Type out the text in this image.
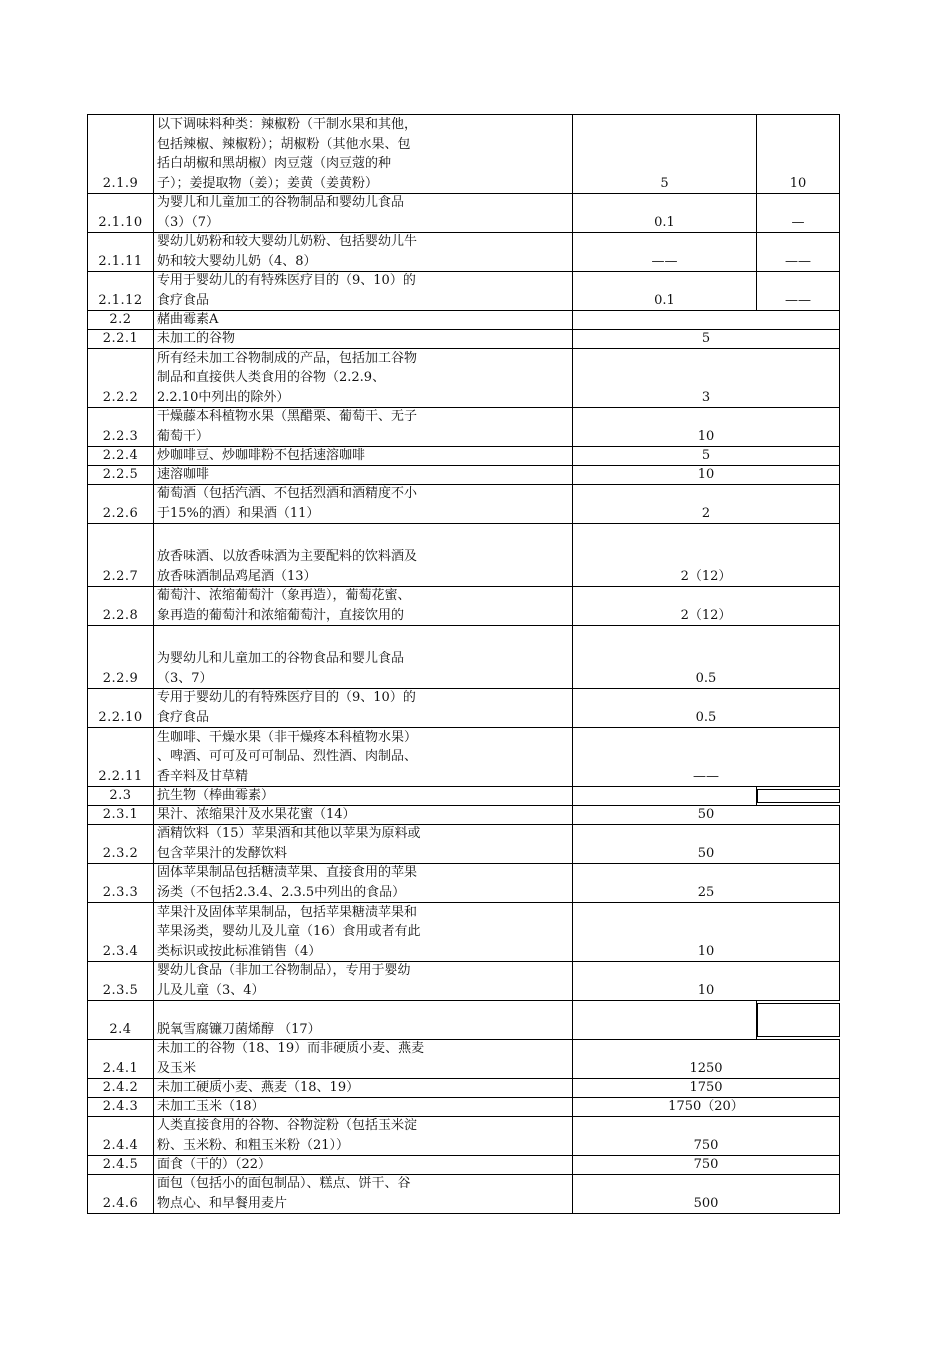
2.1.9
以下调味料种类：辣椒粉（干制水果和其他，
包括辣椒、辣椒粉）；胡椒粉（其他水果、包
括白胡椒和黑胡椒）肉豆蔻（肉豆蔻的种
子）；姜提取物（姜）；姜黄（姜黄粉）	5	10
2.1.10
为婴儿和儿童加工的谷物制品和婴幼儿食品
（3）（7）	0.1	—
2.1.11
婴幼儿奶粉和较大婴幼儿奶粉、包括婴幼儿牛
奶和较大婴幼儿奶（4、8）	——	——
2.1.12
专用于婴幼儿的有特殊医疗目的（9、10）的
食疗食品	0.1	——
2.2	赭曲霉素A
2.2.1	未加工的谷物	5
2.2.2
所有经未加工谷物制成的产品，包括加工谷物
制品和直接供人类食用的谷物（2.2.9、
2.2.10中列出的除外）	3
2.2.3
干燥藤本科植物水果（黑醋栗、葡萄干、无子
葡萄干）	10
2.2.4	炒咖啡豆、炒咖啡粉不包括速溶咖啡	5
2.2.5	速溶咖啡	10
2.2.6
葡萄酒（包括汽酒、不包括烈酒和酒精度不小
于15%的酒）和果酒（11）	2
2.2.7
放香味酒、以放香味酒为主要配料的饮料酒及
放香味酒制品鸡尾酒（13）	2（12）
2.2.8
葡萄汁、浓缩葡萄汁（象再造），葡萄花蜜、
象再造的葡萄汁和浓缩葡萄汁，直接饮用的	2（12）
2.2.9
为婴幼儿和儿童加工的谷物食品和婴儿食品
（3、7）	0.5
2.2.10
专用于婴幼儿的有特殊医疗目的（9、10）的
食疗食品	0.5
2.2.11
生咖啡、干燥水果（非干燥疼本科植物水果）
、啤酒、可可及可可制品、烈性酒、肉制品、
香辛料及甘草精	——
2.3	抗生物（棒曲霉素）
2.3.1	果汁、浓缩果汁及水果花蜜（14）	50
2.3.2
酒精饮料（15）苹果酒和其他以苹果为原料或
包含苹果汁的发酵饮料	50
2.3.3
固体苹果制品包括糖渍苹果、直接食用的苹果
汤类（不包括2.3.4、2.3.5中列出的食品）	25
2.3.4
苹果汁及固体苹果制品，包括苹果糖渍苹果和
苹果汤类，婴幼儿及儿童（16）食用或者有此
类标识或按此标准销售（4）	10
2.3.5
婴幼儿食品（非加工谷物制品），专用于婴幼
儿及儿童（3、4）	10
2.4	脱氧雪腐镰刀菌烯醇 （17）
2.4.1
未加工的谷物（18、19）而非硬质小麦、燕麦
及玉米	1250
2.4.2	未加工硬质小麦、燕麦（18、19）	1750
2.4.3	未加工玉米（18）	1750（20）
2.4.4
人类直接食用的谷物、谷物淀粉（包括玉米淀
粉、玉米粉、和粗玉米粉（21））	750
2.4.5	面食（干的）（22）	750
2.4.6
面包（包括小的面包制品）、糕点、饼干、谷
物点心、和早餐用麦片	500
